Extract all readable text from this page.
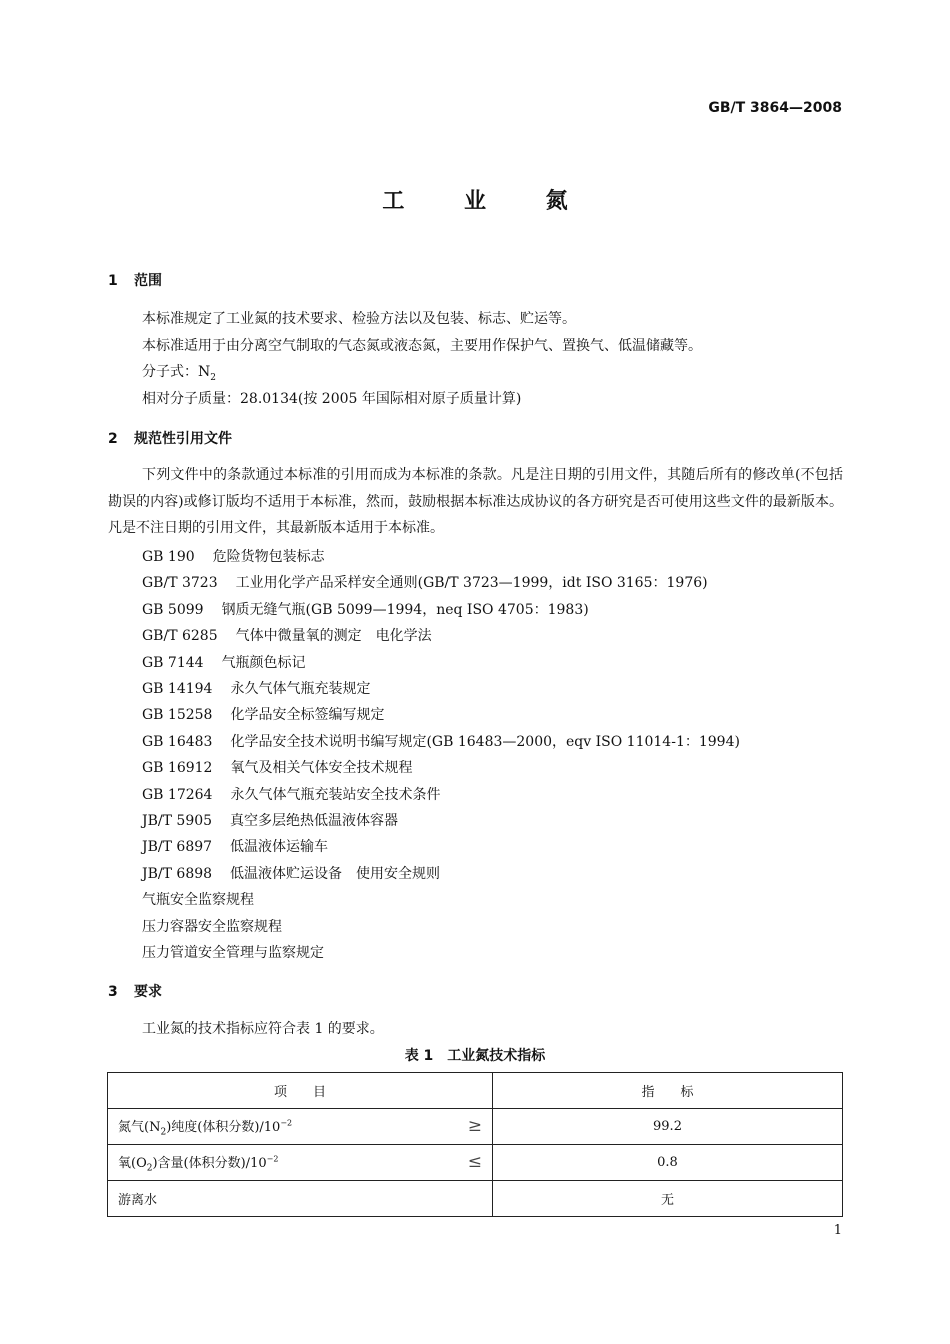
GB/T 3864—2008
工 业 氮
1 范围
本标准规定了工业氮的技术要求、检验方法以及包装、标志、贮运等。
本标准适用于由分离空气制取的气态氮或液态氮，主要用作保护气、置换气、低温储藏等。
分子式：$N_2$
相对分子质量：28.0134(按 2005 年国际相对原子质量计算)
2 规范性引用文件
下列文件中的条款通过本标准的引用而成为本标准的条款。凡是注日期的引用文件，其随后所有的修改单(不包括勘误的内容)或修订版均不适用于本标准，然而，鼓励根据本标准达成协议的各方研究是否可使用这些文件的最新版本。凡是不注日期的引用文件，其最新版本适用于本标准。
GB 190 危险货物包装标志
GB/T 3723 工业用化学产品采样安全通则(GB/T 3723—1999，idt ISO 3165：1976)
GB 5099 钢质无缝气瓶(GB 5099—1994，neq ISO 4705：1983)
GB/T 6285 气体中微量氧的测定　电化学法
GB 7144 气瓶颜色标记
GB 14194 永久气体气瓶充装规定
GB 15258 化学品安全标签编写规定
GB 16483 化学品安全技术说明书编写规定(GB 16483—2000，eqv ISO 11014-1：1994)
GB 16912 氧气及相关气体安全技术规程
GB 17264 永久气体气瓶充装站安全技术条件
JB/T 5905 真空多层绝热低温液体容器
JB/T 6897 低温液体运输车
JB/T 6898 低温液体贮运设备　使用安全规则
气瓶安全监察规程
压力容器安全监察规程
压力管道安全管理与监察规定
3 要求
工业氮的技术指标应符合表 1 的要求。
表 1　工业氮技术指标
项　　目	指　　标
氮气$(N_2)$纯度(体积分数)$/10^{-2}$ ≥	99.2
氧$(O_2)$含量(体积分数)$/10^{-2}$ ≤	0.8
游离水	无
1
